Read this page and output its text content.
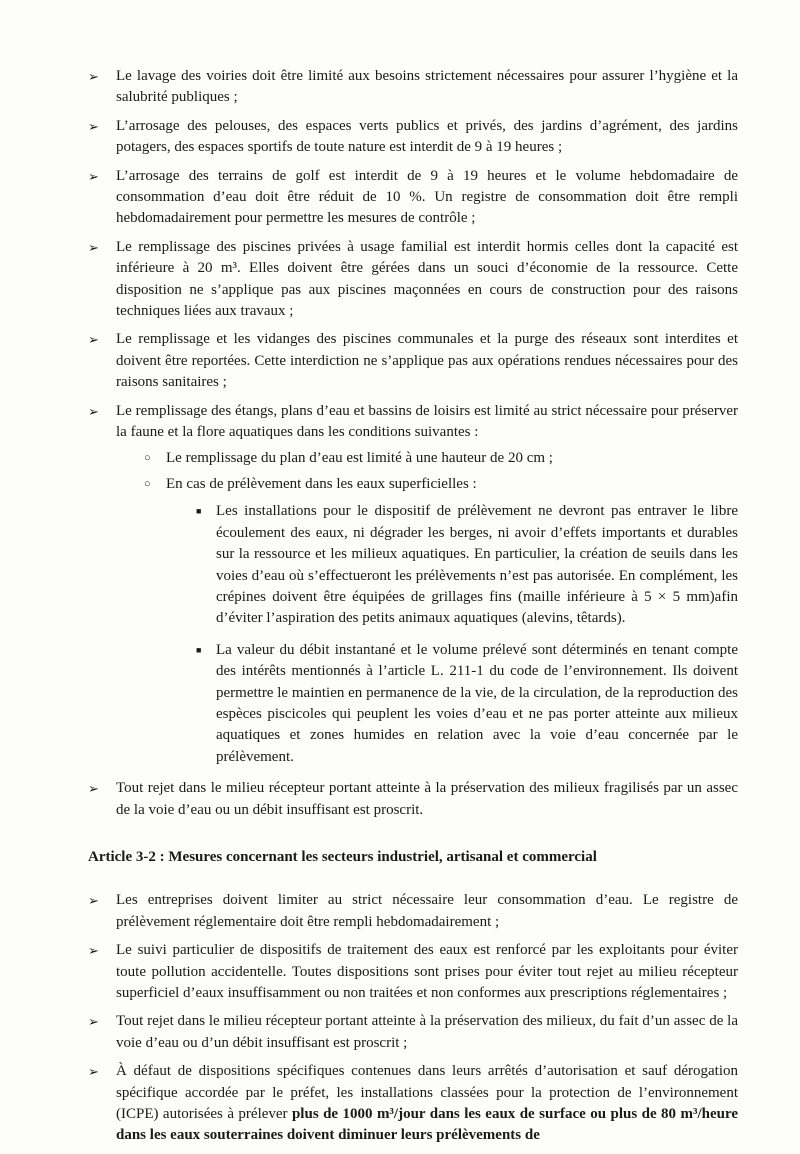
➢ Le lavage des voiries doit être limité aux besoins strictement nécessaires pour assurer l’hygiène et la salubrité publiques ;
➢ L’arrosage des pelouses, des espaces verts publics et privés, des jardins d’agrément, des jardins potagers, des espaces sportifs de toute nature est interdit de 9 à 19 heures ;
➢ L’arrosage des terrains de golf est interdit de 9 à 19 heures et le volume hebdomadaire de consommation d’eau doit être réduit de 10 %. Un registre de consommation doit être rempli hebdomadairement pour permettre les mesures de contrôle ;
➢ Le remplissage des piscines privées à usage familial est interdit hormis celles dont la capacité est inférieure à 20 m³. Elles doivent être gérées dans un souci d’économie de la ressource. Cette disposition ne s’applique pas aux piscines maçonnées en cours de construction pour des raisons techniques liées aux travaux ;
➢ Le remplissage et les vidanges des piscines communales et la purge des réseaux sont interdites et doivent être reportées. Cette interdiction ne s’applique pas aux opérations rendues nécessaires pour des raisons sanitaires ;
➢ Le remplissage des étangs, plans d’eau et bassins de loisirs est limité au strict nécessaire pour préserver la faune et la flore aquatiques dans les conditions suivantes :
○ Le remplissage du plan d’eau est limité à une hauteur de 20 cm ;
○ En cas de prélèvement dans les eaux superficielles :
■ Les installations pour le dispositif de prélèvement ne devront pas entraver le libre écoulement des eaux, ni dégrader les berges, ni avoir d’effets importants et durables sur la ressource et les milieux aquatiques. En particulier, la création de seuils dans les voies d’eau où s’effectueront les prélèvements n’est pas autorisée. En complément, les crépines doivent être équipées de grillages fins (maille inférieure à 5 × 5 mm)afin d’éviter l’aspiration des petits animaux aquatiques (alevins, têtards).
■ La valeur du débit instantané et le volume prélevé sont déterminés en tenant compte des intérêts mentionnés à l’article L. 211-1 du code de l’environnement. Ils doivent permettre le maintien en permanence de la vie, de la circulation, de la reproduction des espèces piscicoles qui peuplent les voies d’eau et ne pas porter atteinte aux milieux aquatiques et zones humides en relation avec la voie d’eau concernée par le prélèvement.
➢ Tout rejet dans le milieu récepteur portant atteinte à la préservation des milieux fragilisés par un assec de la voie d’eau ou un débit insuffisant est proscrit.
Article 3-2 : Mesures concernant les secteurs industriel, artisanal et commercial
➢ Les entreprises doivent limiter au strict nécessaire leur consommation d’eau. Le registre de prélèvement réglementaire doit être rempli hebdomadairement ;
➢ Le suivi particulier de dispositifs de traitement des eaux est renforcé par les exploitants pour éviter toute pollution accidentelle. Toutes dispositions sont prises pour éviter tout rejet au milieu récepteur superficiel d’eaux insuffisamment ou non traitées et non conformes aux prescriptions réglementaires ;
➢ Tout rejet dans le milieu récepteur portant atteinte à la préservation des milieux, du fait d’un assec de la voie d’eau ou d’un débit insuffisant est proscrit ;
➢ À défaut de dispositions spécifiques contenues dans leurs arrêtés d’autorisation et sauf dérogation spécifique accordée par le préfet, les installations classées pour la protection de l’environnement (ICPE) autorisées à prélever plus de 1000 m³/jour dans les eaux de surface ou plus de 80 m³/heure dans les eaux souterraines doivent diminuer leurs prélèvements de
